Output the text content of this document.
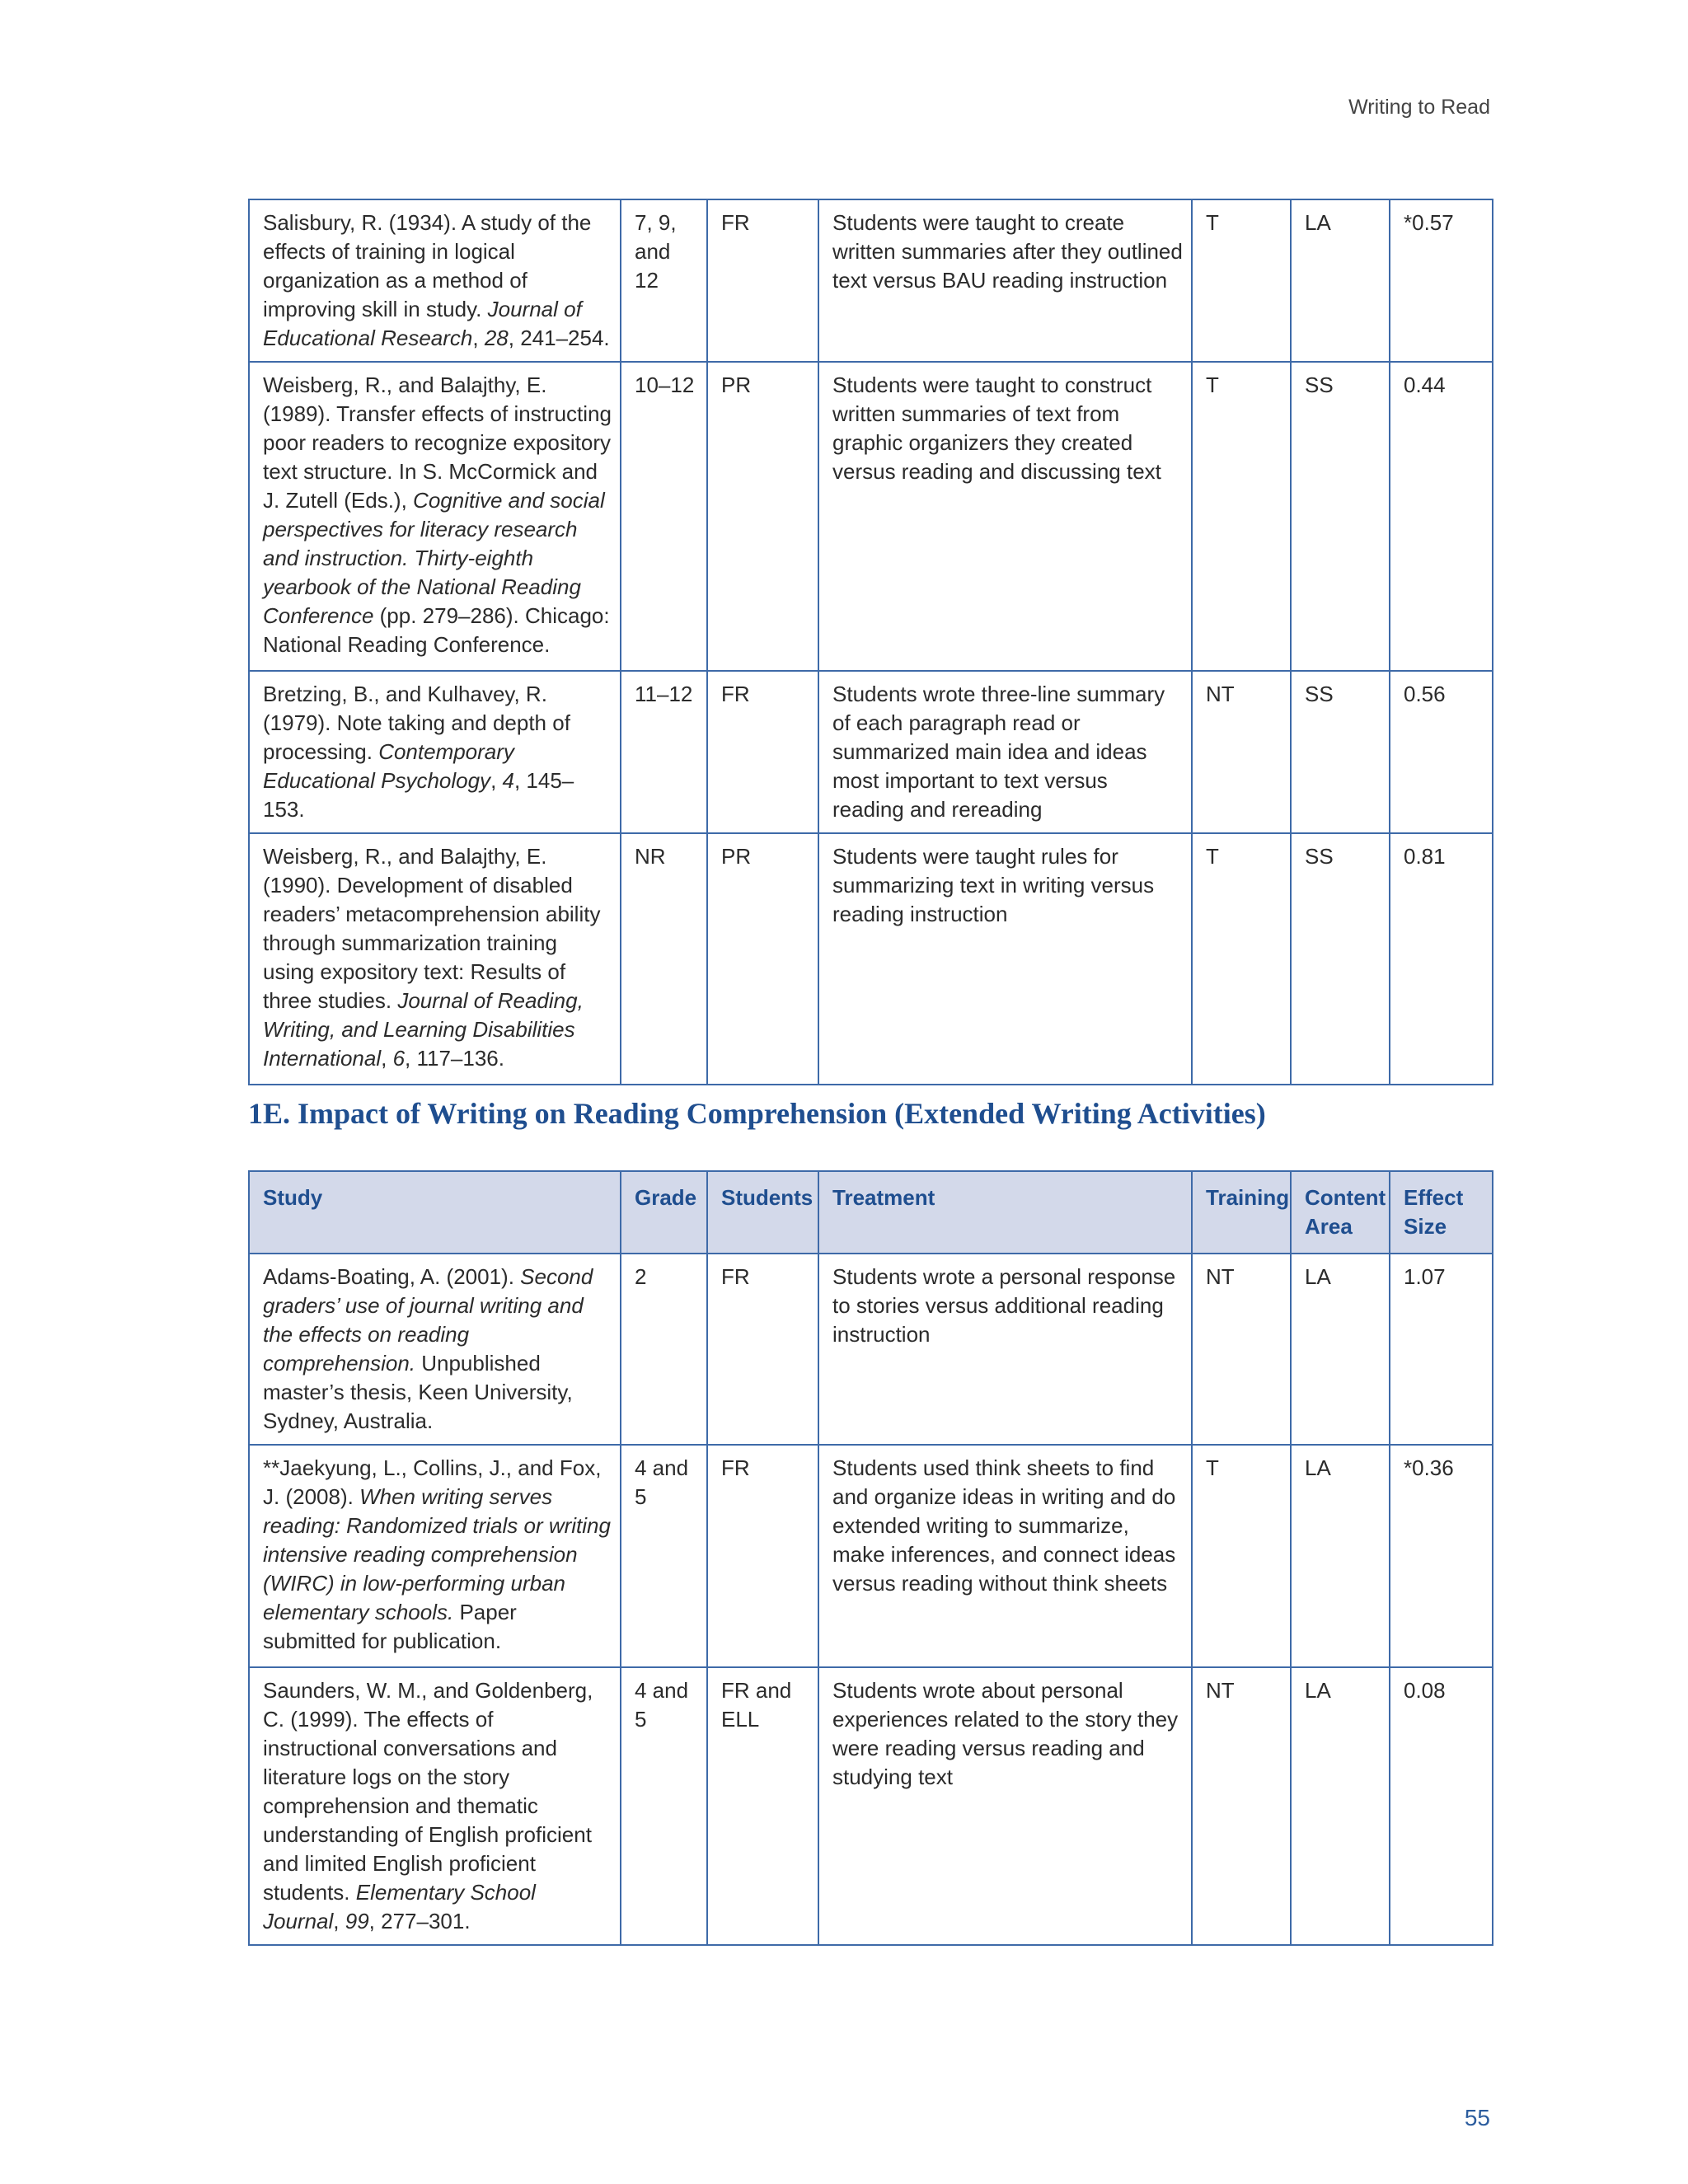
Writing to Read
Salisbury, R. (1934). A study of the effects of training in logical organization as a method of improving skill in study. Journal of Educational Research, 28, 241–254.	7, 9, and 12	FR	Students were taught to create written summaries after they outlined text versus BAU reading instruction	T	LA	*0.57
Weisberg, R., and Balajthy, E. (1989). Transfer effects of instructing poor readers to recognize expository text structure. In S. McCormick and J. Zutell (Eds.), Cognitive and social perspectives for literacy research and instruction. Thirty-eighth yearbook of the National Reading Conference (pp. 279–286). Chicago: National Reading Conference.	10–12	PR	Students were taught to construct written summaries of text from graphic organizers they created versus reading and discussing text	T	SS	0.44
Bretzing, B., and Kulhavey, R. (1979). Note taking and depth of processing. Contemporary Educational Psychology, 4, 145–153.	11–12	FR	Students wrote three-line summary of each paragraph read or summarized main idea and ideas most important to text versus reading and rereading	NT	SS	0.56
Weisberg, R., and Balajthy, E. (1990). Development of disabled readers’ metacomprehension ability through summarization training using expository text: Results of three studies. Journal of Reading, Writing, and Learning Disabilities International, 6, 117–136.	NR	PR	Students were taught rules for summarizing text in writing versus reading instruction	T	SS	0.81
1E. Impact of Writing on Reading Comprehension (Extended Writing Activities)
Study	Grade	Students	Treatment	Training	Content Area	Effect Size
Adams-Boating, A. (2001). Second graders’ use of journal writing and the effects on reading comprehension. Unpublished master’s thesis, Keen University, Sydney, Australia.	2	FR	Students wrote a personal response to stories versus additional reading instruction	NT	LA	1.07
**Jaekyung, L., Collins, J., and Fox, J. (2008). When writing serves reading: Randomized trials or writing intensive reading comprehension (WIRC) in low-performing urban elementary schools. Paper submitted for publication.	4 and 5	FR	Students used think sheets to find and organize ideas in writing and do extended writing to summarize, make inferences, and connect ideas versus reading without think sheets	T	LA	*0.36
Saunders, W. M., and Goldenberg, C. (1999). The effects of instructional conversations and literature logs on the story comprehension and thematic understanding of English proficient and limited English proficient students. Elementary School Journal, 99, 277–301.	4 and 5	FR and ELL	Students wrote about personal experiences related to the story they were reading versus reading and studying text	NT	LA	0.08
55
